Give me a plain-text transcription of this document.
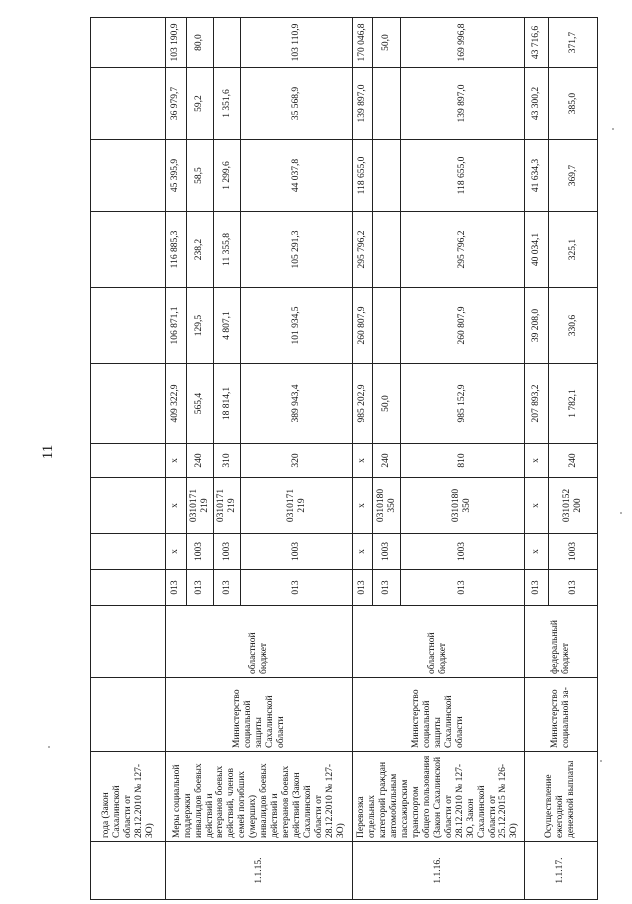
11
	года (Закон Сахалинской области от 28.12.2010 № 127-ЗО)												
1.1.15.	Меры социальной поддержки инвалидов боевых действий и ветеранов боевых действий, членов семей погибших (умерших) инвалидов боевых действий и ветеранов боевых действий (Закон Сахалинской области от 28.12.2010 № 127-ЗО)	Министерство социальной защиты Сахалинской области	областной бюджет	013	x	x	x	409 322,9	106 871,1	116 885,3	45 395,9	36 979,7	103 190,9
				013	1003	0310171 219	240	565,4	129,5	238,2	58,5	59,2	80,0
				013	1003	0310171 219	310	18 814,1	4 807,1	11 355,8	1 299,6	1 351,6	
				013	1003	0310171 219	320	389 943,4	101 934,5	105 291,3	44 037,8	35 568,9	103 110,9
1.1.16.	Перевозка отдельных категорий граждан автомобильным пассажирским транспортом общего пользования (Закон Сахалинской области от 28.12.2010 № 127-ЗО, Закон Сахалинской области от 25.12.2015 № 126-ЗО)	Министерство социальной защиты Сахалинской области	областной бюджет	013	x	x	x	985 202,9	260 807,9	295 796,2	118 655,0	139 897,0	170 046,8
				013	1003	0310180 350	240	50,0					50,0
				013	1003	0310180 350	810	985 152,9	260 807,9	295 796,2	118 655,0	139 897,0	169 996,8
1.1.17.	Осуществление ежегодной денежной выплаты	Министерство социальной за-	федеральный бюджет	013	x	x	x	207 893,2	39 208,0	40 034,1	41 634,3	43 300,2	43 716,6
				013	1003	0310152 200	240	1 782,1	330,6	325,1	369,7	385,0	371,7
